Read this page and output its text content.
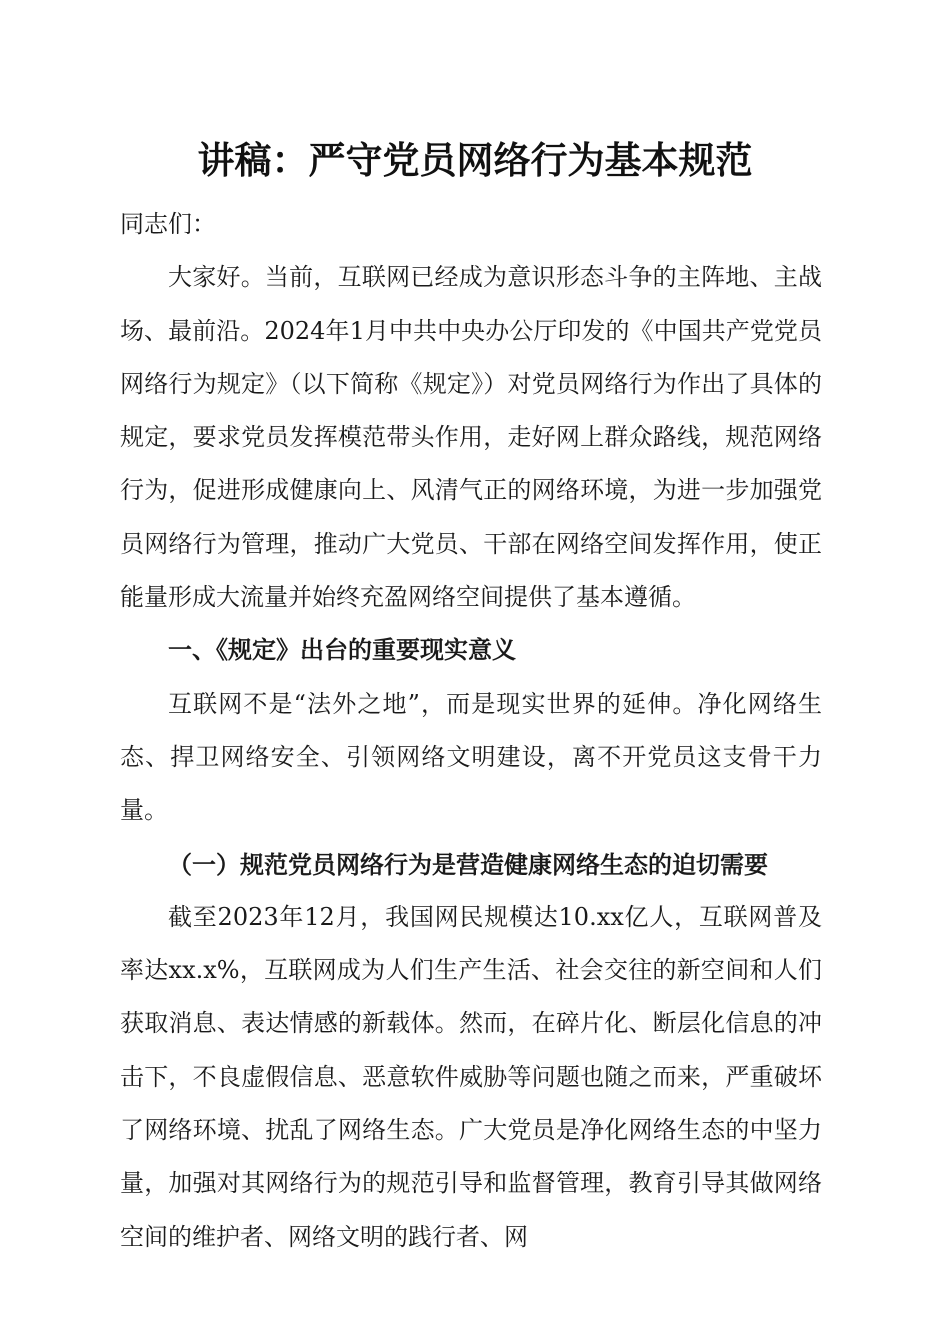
讲稿：严守党员网络行为基本规范

同志们：

大家好。当前，互联网已经成为意识形态斗争的主阵地、主战场、最前沿。2024年1月中共中央办公厅印发的《中国共产党党员网络行为规定》（以下简称《规定》）对党员网络行为作出了具体的规定，要求党员发挥模范带头作用，走好网上群众路线，规范网络行为，促进形成健康向上、风清气正的网络环境，为进一步加强党员网络行为管理，推动广大党员、干部在网络空间发挥作用，使正能量形成大流量并始终充盈网络空间提供了基本遵循。

一、《规定》出台的重要现实意义

互联网不是“法外之地”，而是现实世界的延伸。净化网络生态、捍卫网络安全、引领网络文明建设，离不开党员这支骨干力量。

（一）规范党员网络行为是营造健康网络生态的迫切需要

截至2023年12月，我国网民规模达10.xx亿人，互联网普及率达xx.x%，互联网成为人们生产生活、社会交往的新空间和人们获取消息、表达情感的新载体。然而，在碎片化、断层化信息的冲击下，不良虚假信息、恶意软件威胁等问题也随之而来，严重破坏了网络环境、扰乱了网络生态。广大党员是净化网络生态的中坚力量，加强对其网络行为的规范引导和监督管理，教育引导其做网络空间的维护者、网络文明的践行者、网
